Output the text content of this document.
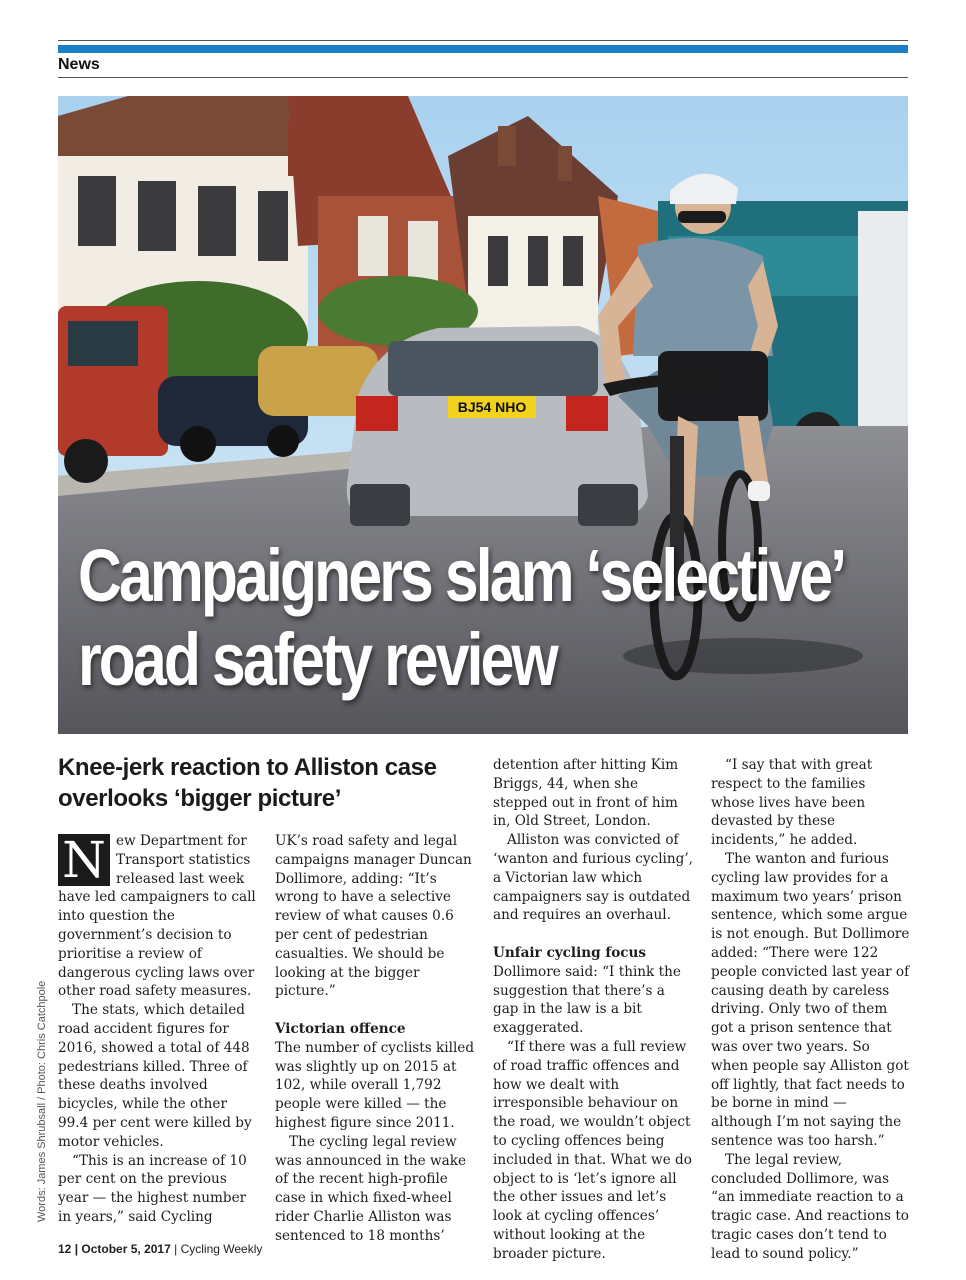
News
BJ54 NHO
Campaigners slam ‘selective’
road safety review
Words: James Shrubsall / Photo: Chris Catchpole
Knee-jerk reaction to Alliston case overlooks ‘bigger picture’
N ew Department for Transport statistics released last week have led campaigners to call into question the government’s decision to prioritise a review of dangerous cycling laws over other road safety measures.

The stats, which detailed road accident figures for 2016, showed a total of 448 pedestrians killed. Three of these deaths involved bicycles, while the other 99.4 per cent were killed by motor vehicles.

“This is an increase of 10 per cent on the previous year — the highest number in years,” said Cycling

UK’s road safety and legal campaigns manager Duncan Dollimore, adding: “It’s wrong to have a selective review of what causes 0.6 per cent of pedestrian casualties. We should be looking at the bigger picture.”

Victorian offence

The number of cyclists killed was slightly up on 2015 at 102, while overall 1,792 people were killed — the highest figure since 2011.

The cycling legal review was announced in the wake of the recent high-profile case in which fixed-wheel rider Charlie Alliston was sentenced to 18 months’

detention after hitting Kim Briggs, 44, when she stepped out in front of him in, Old Street, London.

Alliston was convicted of ‘wanton and furious cycling’, a Victorian law which campaigners say is outdated and requires an overhaul.

Unfair cycling focus

Dollimore said: “I think the suggestion that there’s a gap in the law is a bit exaggerated.

“If there was a full review of road traffic offences and how we dealt with irresponsible behaviour on the road, we wouldn’t object to cycling offences being included in that. What we do object to is ‘let’s ignore all the other issues and let’s look at cycling offences’ without looking at the broader picture.

“I say that with great respect to the families whose lives have been devasted by these incidents,” he added.

The wanton and furious cycling law provides for a maximum two years’ prison sentence, which some argue is not enough. But Dollimore added: “There were 122 people convicted last year of causing death by careless driving. Only two of them got a prison sentence that was over two years. So when people say Alliston got off lightly, that fact needs to be borne in mind — although I’m not saying the sentence was too harsh.”

The legal review, concluded Dollimore, was “an immediate reaction to a tragic case. And reactions to tragic cases don’t tend to lead to sound policy.”

12 | October 5, 2017 | Cycling Weekly
